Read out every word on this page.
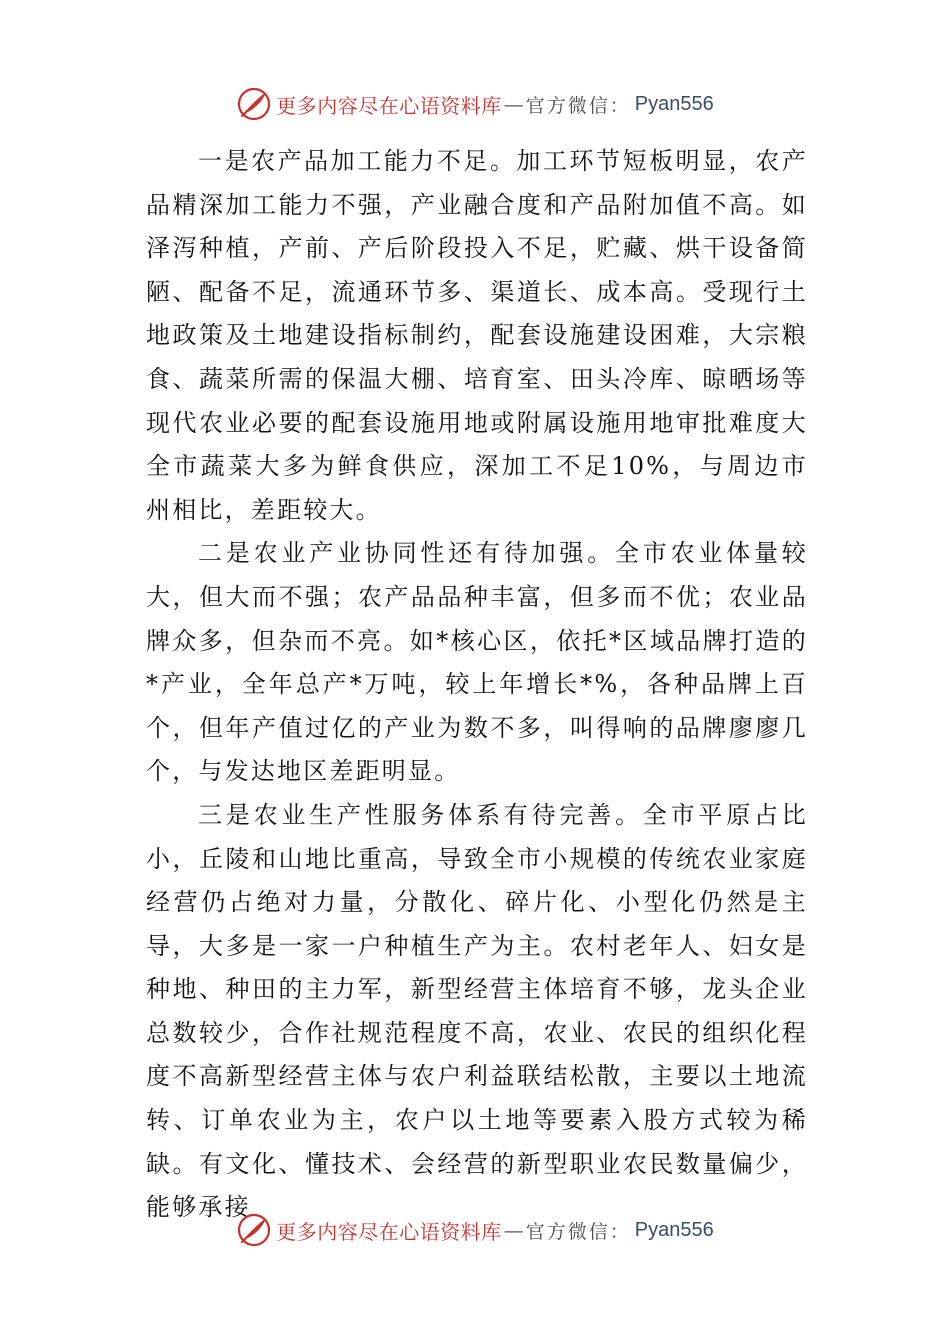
更多内容尽在心语资料库 — 官方微信： Pyan556

一是农产品加工能力不足。加工环节短板明显，农产品精深加工能力不强，产业融合度和产品附加值不高。如泽泻种植，产前、产后阶段投入不足，贮藏、烘干设备简陋、配备不足，流通环节多、渠道长、成本高。受现行土地政策及土地建设指标制约，配套设施建设困难，大宗粮食、蔬菜所需的保温大棚、培育室、田头冷库、晾晒场等现代农业必要的配套设施用地或附属设施用地审批难度大全市蔬菜大多为鲜食供应，深加工不足10%，与周边市州相比，差距较大。

二是农业产业协同性还有待加强。全市农业体量较大，但大而不强；农产品品种丰富，但多而不优；农业品牌众多，但杂而不亮。如*核心区，依托*区域品牌打造的*产业，全年总产*万吨，较上年增长*%，各种品牌上百个，但年产值过亿的产业为数不多，叫得响的品牌廖廖几个，与发达地区差距明显。

三是农业生产性服务体系有待完善。全市平原占比小，丘陵和山地比重高，导致全市小规模的传统农业家庭经营仍占绝对力量，分散化、碎片化、小型化仍然是主导，大多是一家一户种植生产为主。农村老年人、妇女是种地、种田的主力军，新型经营主体培育不够，龙头企业总数较少，合作社规范程度不高，农业、农民的组织化程度不高新型经营主体与农户利益联结松散，主要以土地流转、订单农业为主，农户以土地等要素入股方式较为稀缺。有文化、懂技术、会经营的新型职业农民数量偏少，能够承接

更多内容尽在心语资料库 — 官方微信： Pyan556
